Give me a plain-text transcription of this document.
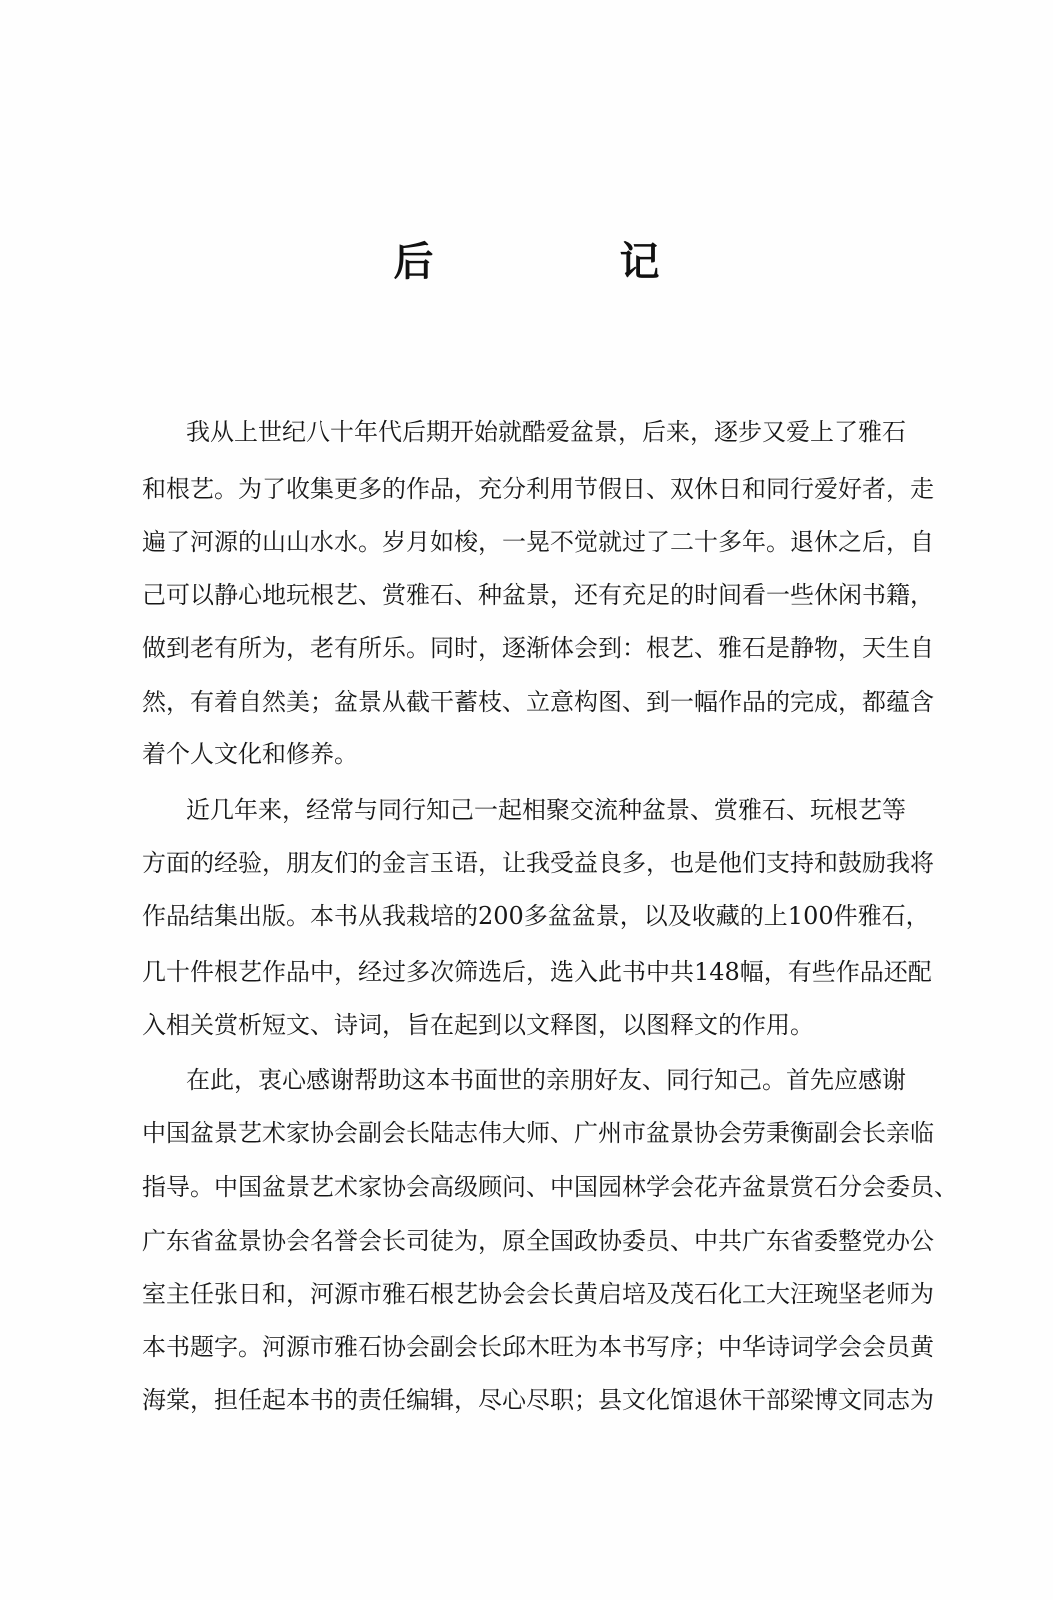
后 记
我从上世纪八十年代后期开始就酷爱盆景，后来，逐步又爱上了雅石
和根艺。为了收集更多的作品，充分利用节假日、双休日和同行爱好者，走
遍了河源的山山水水。岁月如梭，一晃不觉就过了二十多年。退休之后，自
己可以静心地玩根艺、赏雅石、种盆景，还有充足的时间看一些休闲书籍，
做到老有所为，老有所乐。同时，逐渐体会到：根艺、雅石是静物，天生自
然，有着自然美；盆景从截干蓄枝、立意构图、到一幅作品的完成，都蕴含
着个人文化和修养。
近几年来，经常与同行知己一起相聚交流种盆景、赏雅石、玩根艺等
方面的经验，朋友们的金言玉语，让我受益良多，也是他们支持和鼓励我将
作品结集出版。本书从我栽培的200多盆盆景，以及收藏的上100件雅石，
几十件根艺作品中，经过多次筛选后，选入此书中共148幅，有些作品还配
入相关赏析短文、诗词，旨在起到以文释图，以图释文的作用。
在此，衷心感谢帮助这本书面世的亲朋好友、同行知己。首先应感谢
中国盆景艺术家协会副会长陆志伟大师、广州市盆景协会劳秉衡副会长亲临
指导。中国盆景艺术家协会高级顾问、中国园林学会花卉盆景赏石分会委员、
广东省盆景协会名誉会长司徒为，原全国政协委员、中共广东省委整党办公
室主任张日和，河源市雅石根艺协会会长黄启培及茂石化工大汪琬坚老师为
本书题字。河源市雅石协会副会长邱木旺为本书写序；中华诗词学会会员黄
海棠，担任起本书的责任编辑，尽心尽职；县文化馆退休干部梁博文同志为
